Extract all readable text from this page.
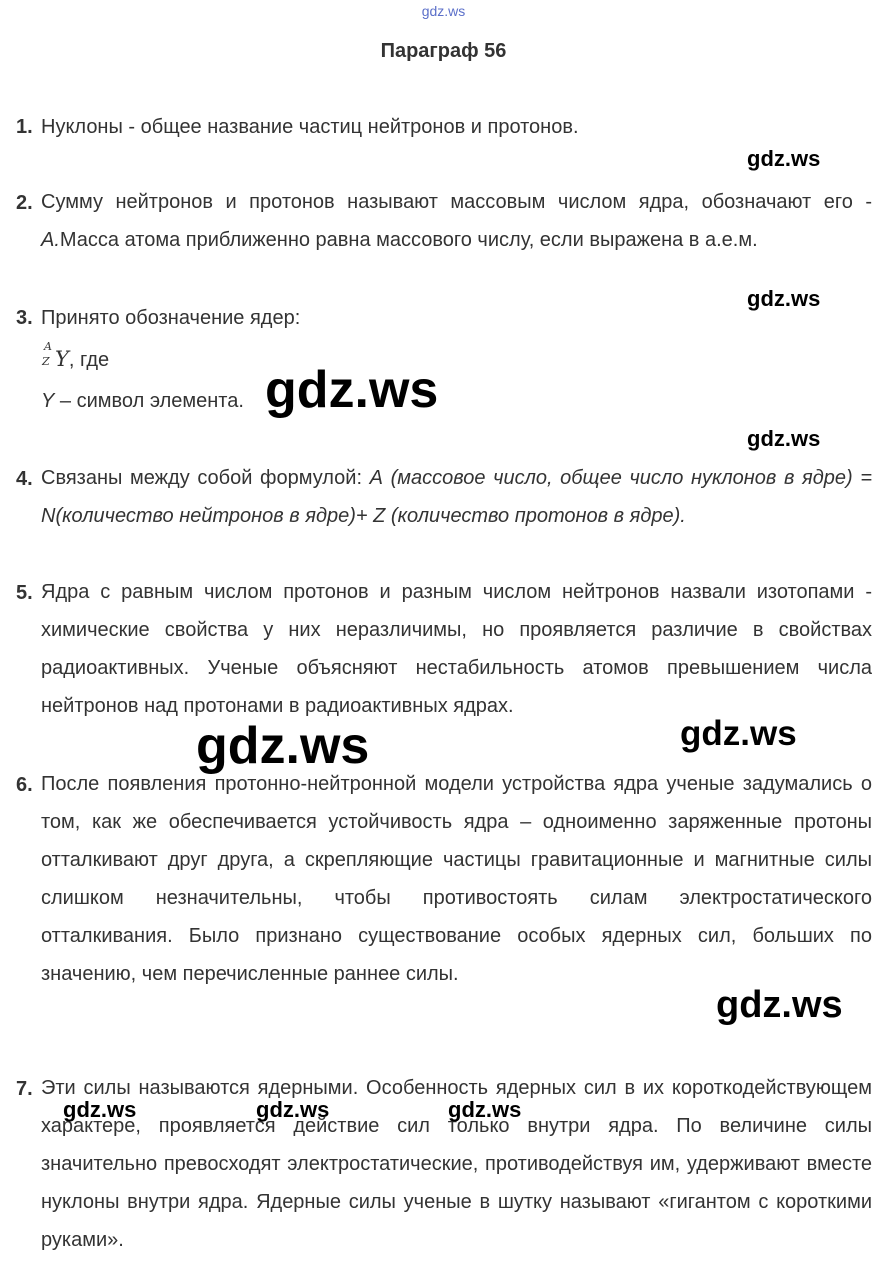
gdz.ws
Параграф 56
1. Нуклоны - общее название частиц нейтронов и протонов.
2. Сумму нейтронов и протонов называют массовым числом ядра, обозначают его - А.Масса атома приближенно равна массового числу, если выражена в а.е.м.
3. Принято обозначение ядер:
A
Z Y, где
Y – символ элемента.
4. Связаны между собой формулой: А (массовое число, общее число нуклонов в ядре) = N(количество нейтронов в ядре)+ Z (количество протонов в ядре).
5. Ядра с равным числом протонов и разным числом нейтронов назвали изотопами - химические свойства у них неразличимы, но проявляется различие в свойствах радиоактивных. Ученые объясняют нестабильность атомов превышением числа нейтронов над протонами в радиоактивных ядрах.
6. После появления протонно-нейтронной модели устройства ядра ученые задумались о том, как же обеспечивается устойчивость ядра – одноименно заряженные протоны отталкивают друг друга, а скрепляющие частицы гравитационные и магнитные силы слишком незначительны, чтобы противостоять силам электростатического отталкивания. Было признано существование особых ядерных сил, больших по значению, чем перечисленные раннее силы.
7. Эти силы называются ядерными. Особенность ядерных сил в их короткодействующем характере, проявляется действие сил только внутри ядра. По величине силы значительно превосходят электростатические, противодействуя им, удерживают вместе нуклоны внутри ядра. Ядерные силы ученые в шутку называют «гигантом с короткими руками».
gdz.ws
gdz.ws
gdz.ws
gdz.ws
gdz.ws	gdz.ws
gdz.ws
gdz.ws	gdz.ws	gdz.ws
